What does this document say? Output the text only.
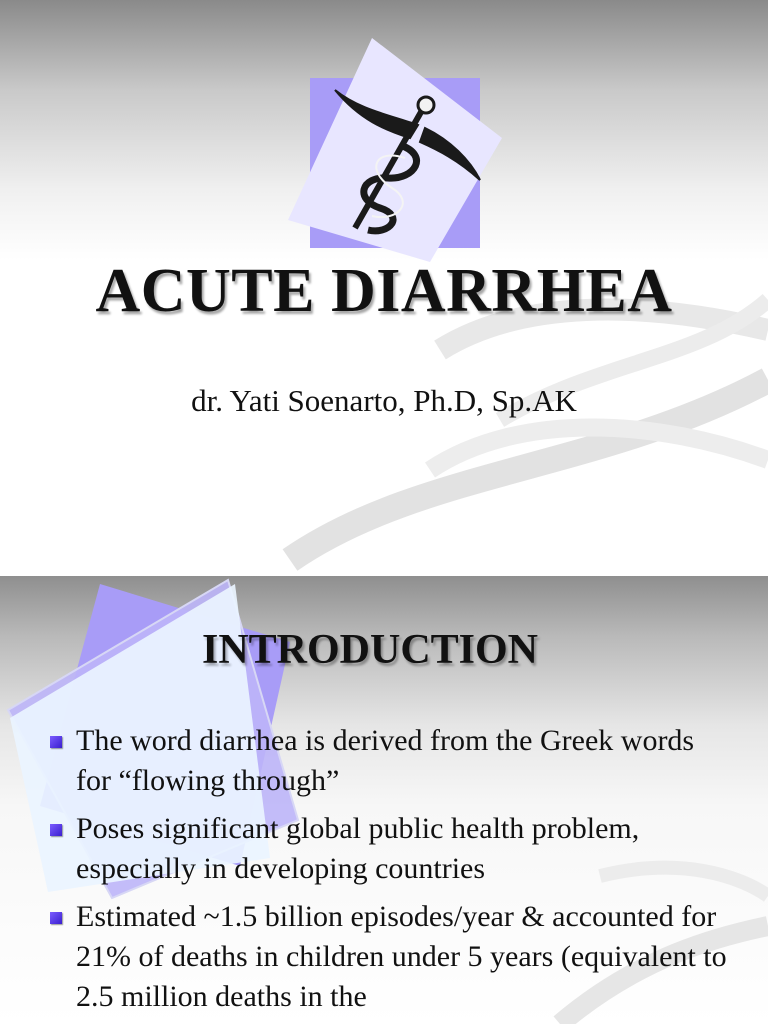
ACUTE DIARRHEA

dr. Yati Soenarto, Ph.D, Sp.AK

INTRODUCTION
The word diarrhea is derived from the Greek words for “flowing through”
Poses significant global public health problem, especially in developing countries
Estimated ~1.5 billion episodes/year & accounted for 21% of deaths in children under 5 years (equivalent to 2.5 million deaths in the
